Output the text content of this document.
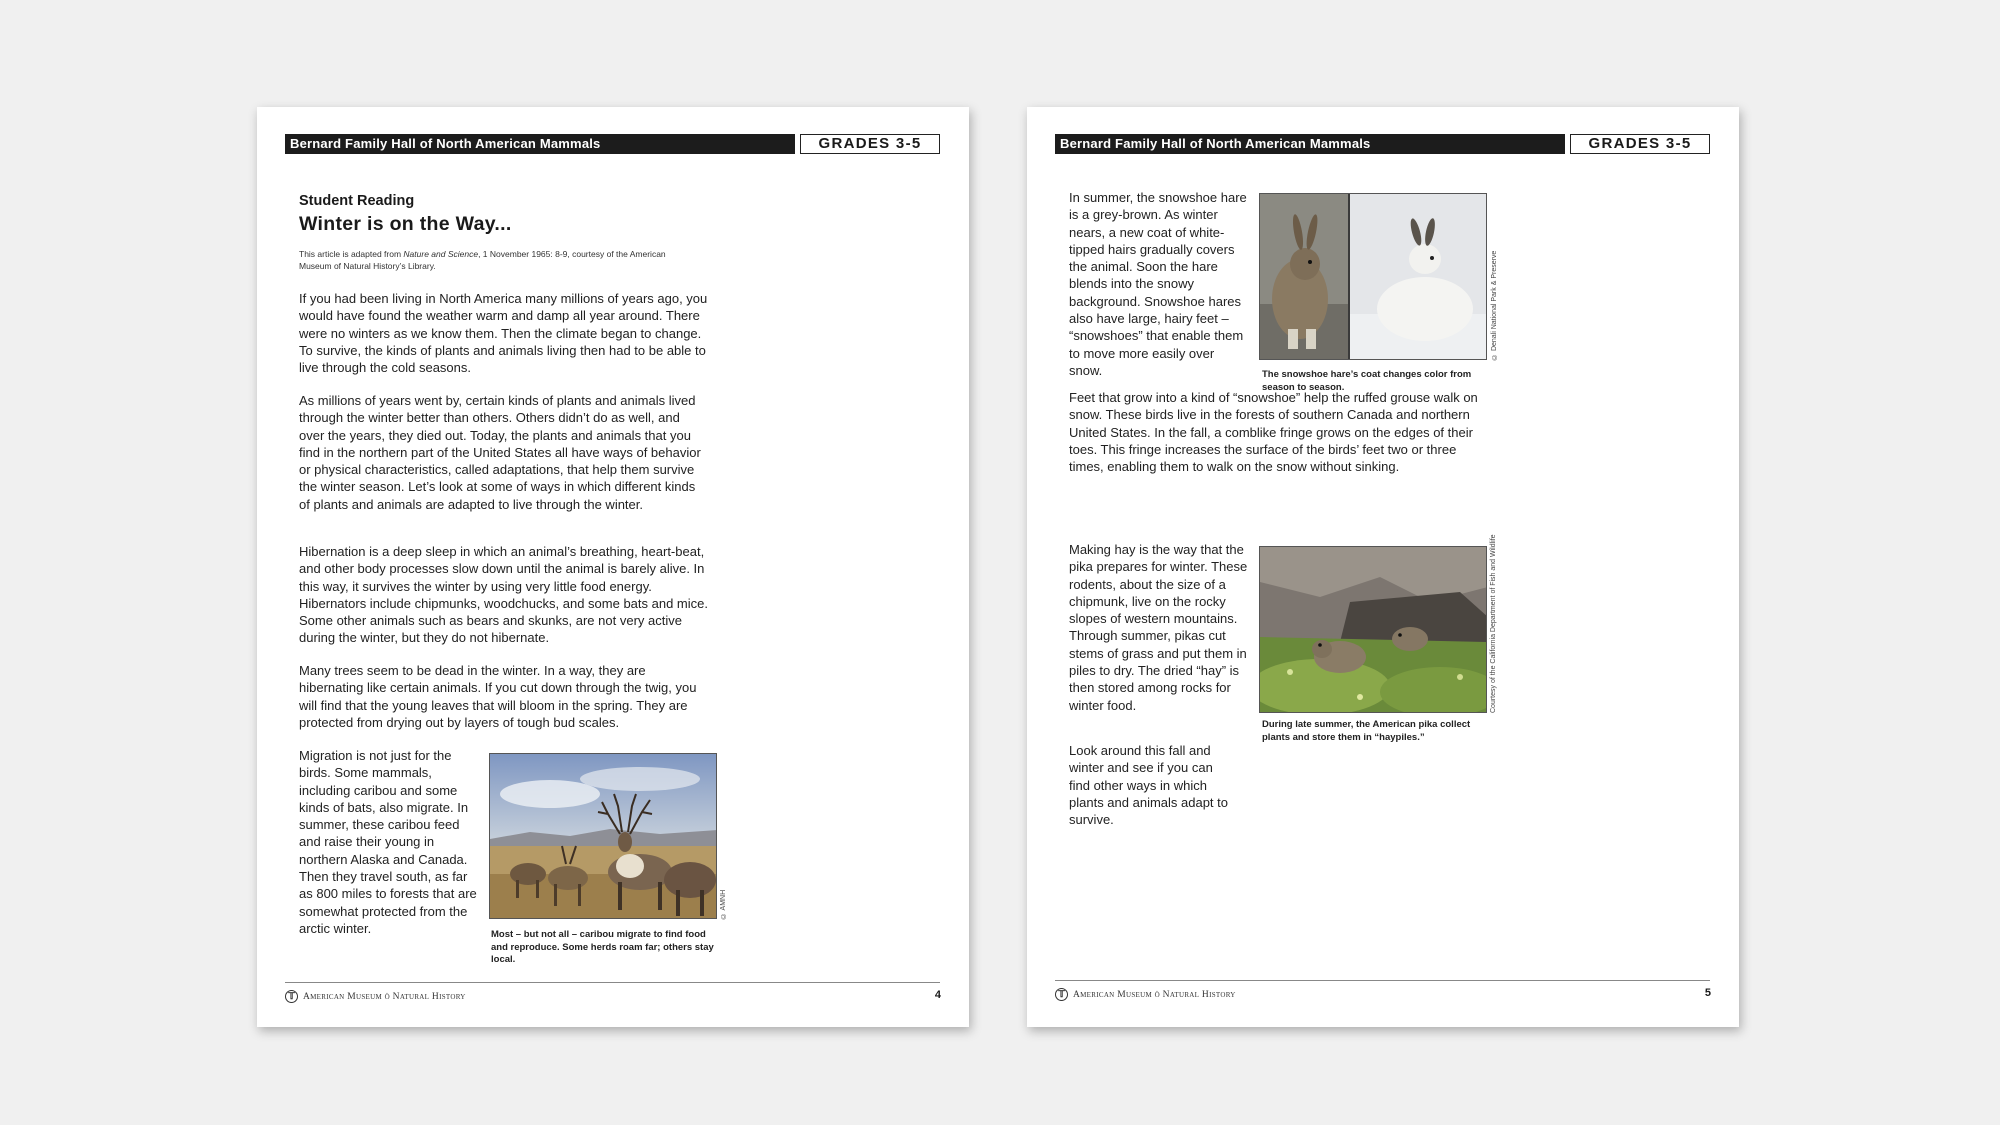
Bernard Family Hall of North American Mammals	GRADES 3-5
Student Reading
Winter is on the Way...
This article is adapted from Nature and Science, 1 November 1965: 8-9, courtesy of the American Museum of Natural History’s Library.

If you had been living in North America many millions of years ago, you would have found the weather warm and damp all year around. There were no winters as we know them. Then the climate began to change. To survive, the kinds of plants and animals living then had to be able to live through the cold seasons.

As millions of years went by, certain kinds of plants and animals lived through the winter better than others. Others didn’t do as well, and over the years, they died out. Today, the plants and animals that you find in the northern part of the United States all have ways of behavior or physical characteristics, called adaptations, that help them survive the winter season. Let’s look at some of ways in which different kinds of plants and animals are adapted to live through the winter.

Hibernation is a deep sleep in which an animal’s breathing, heart-beat, and other body processes slow down until the animal is barely alive. In this way, it survives the winter by using very little food energy. Hibernators include chipmunks, woodchucks, and some bats and mice. Some other animals such as bears and skunks, are not very active during the winter, but they do not hibernate.

Many trees seem to be dead in the winter. In a way, they are hibernating like certain animals. If you cut down through the twig, you will find that the young leaves that will bloom in the spring. They are protected from drying out by layers of tough bud scales.

Migration is not just for the birds. Some mammals, including caribou and some kinds of bats, also migrate. In summer, these caribou feed and raise their young in northern Alaska and Canada. Then they travel south, as far as 800 miles to forests that are somewhat protected from the arctic winter.

© AMNH
Most – but not all – caribou migrate to find food and reproduce. Some herds roam far; others stay local.
𝕋 American Museum ö Natural History	4
Bernard Family Hall of North American Mammals	GRADES 3-5

In summer, the snowshoe hare is a grey-brown. As winter nears, a new coat of white-tipped hairs gradually covers the animal. Soon the hare blends into the snowy background. Snowshoe hares also have large, hairy feet – “snowshoes” that enable them to move more easily over snow.

© Denali National Park & Preserve
The snowshoe hare’s coat changes color from season to season.

Feet that grow into a kind of “snowshoe” help the ruffed grouse walk on snow. These birds live in the forests of southern Canada and northern United States. In the fall, a comblike fringe grows on the edges of their toes. This fringe increases the surface of the birds’ feet two or three times, enabling them to walk on the snow without sinking.

Making hay is the way that the pika prepares for winter. These rodents, about the size of a chipmunk, live on the rocky slopes of western mountains. Through summer, pikas cut stems of grass and put them in piles to dry. The dried “hay” is then stored among rocks for winter food.	Courtesy of the California Department of Fish and Wildlife
During late summer, the American pika collect plants and store them in “haypiles.”

Look around this fall and winter and see if you can find other ways in which plants and animals adapt to survive.

𝕋 American Museum ö Natural History	5
